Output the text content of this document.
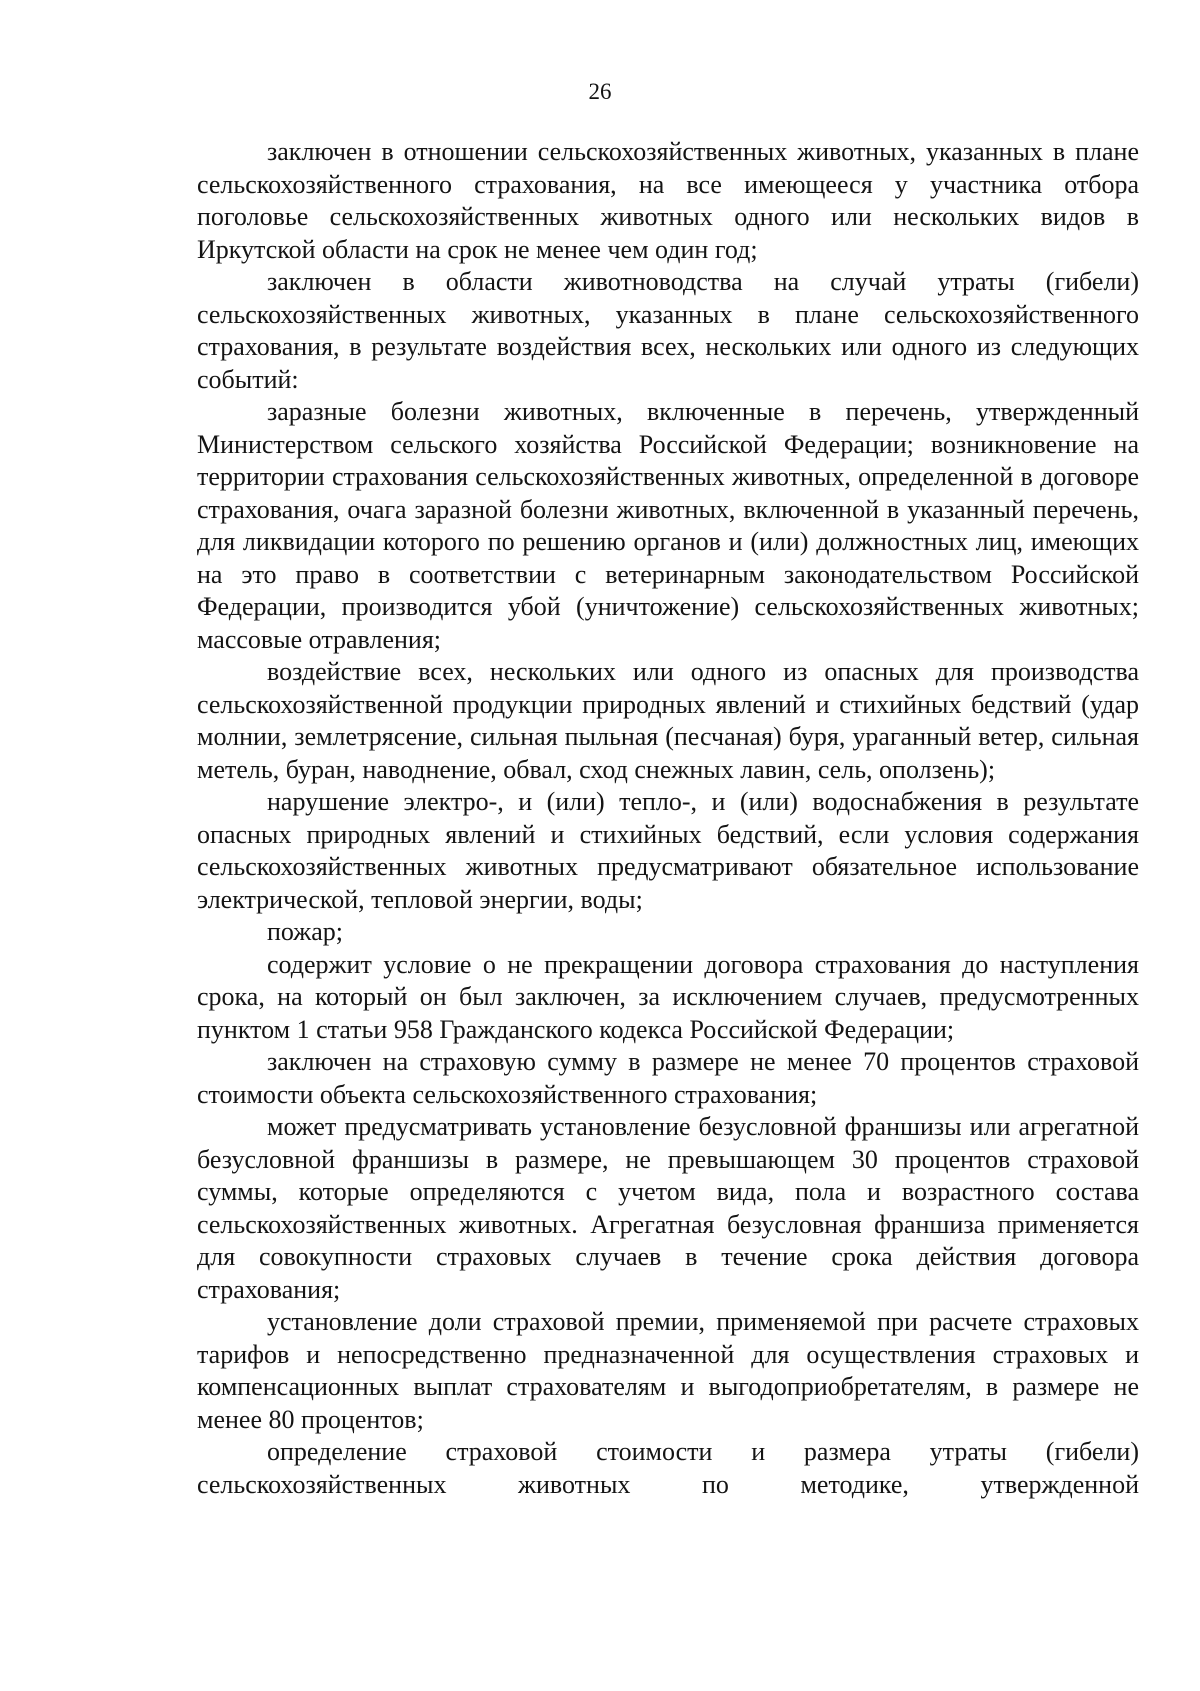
26

заключен в отношении сельскохозяйственных животных, указанных в плане сельскохозяйственного страхования, на все имеющееся у участника отбора поголовье сельскохозяйственных животных одного или нескольких видов в Иркутской области на срок не менее чем один год;

заключен в области животноводства на случай утраты (гибели) сельскохозяйственных животных, указанных в плане сельскохозяйственного страхования, в результате воздействия всех, нескольких или одного из следующих событий:

заразные болезни животных, включенные в перечень, утвержденный Министерством сельского хозяйства Российской Федерации; возникновение на территории страхования сельскохозяйственных животных, определенной в договоре страхования, очага заразной болезни животных, включенной в указанный перечень, для ликвидации которого по решению органов и (или) должностных лиц, имеющих на это право в соответствии с ветеринарным законодательством Российской Федерации, производится убой (уничтожение) сельскохозяйственных животных; массовые отравления;

воздействие всех, нескольких или одного из опасных для производства сельскохозяйственной продукции природных явлений и стихийных бедствий (удар молнии, землетрясение, сильная пыльная (песчаная) буря, ураганный ветер, сильная метель, буран, наводнение, обвал, сход снежных лавин, сель, оползень);

нарушение электро-, и (или) тепло-, и (или) водоснабжения в результате опасных природных явлений и стихийных бедствий, если условия содержания сельскохозяйственных животных предусматривают обязательное использование электрической, тепловой энергии, воды;

пожар;

содержит условие о не прекращении договора страхования до наступления срока, на который он был заключен, за исключением случаев, предусмотренных пунктом 1 статьи 958 Гражданского кодекса Российской Федерации;

заключен на страховую сумму в размере не менее 70 процентов страховой стоимости объекта сельскохозяйственного страхования;

может предусматривать установление безусловной франшизы или агрегатной безусловной франшизы в размере, не превышающем 30 процентов страховой суммы, которые определяются с учетом вида, пола и возрастного состава сельскохозяйственных животных. Агрегатная безусловная франшиза применяется для совокупности страховых случаев в течение срока действия договора страхования;

установление доли страховой премии, применяемой при расчете страховых тарифов и непосредственно предназначенной для осуществления страховых и компенсационных выплат страхователям и выгодоприобретателям, в размере не менее 80 процентов;

определение страховой стоимости и размера утраты (гибели) сельскохозяйственных животных по методике, утвержденной
